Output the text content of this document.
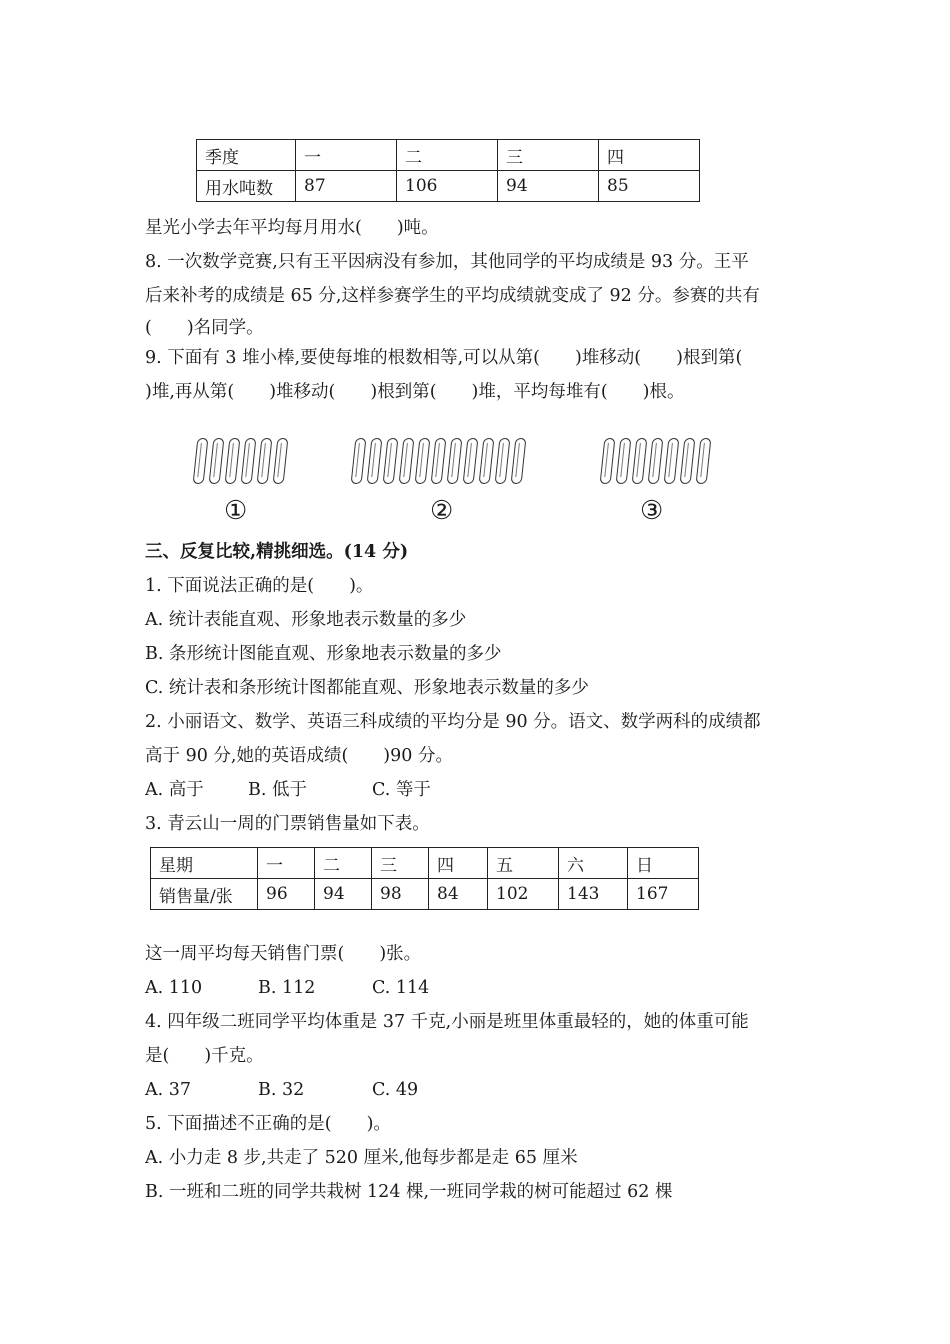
季度	一	二	三	四
用水吨数	87	106	94	85
星光小学去年平均每月用水(　　)吨。
8. 一次数学竞赛,只有王平因病没有参加，其他同学的平均成绩是 93 分。王平
后来补考的成绩是 65 分,这样参赛学生的平均成绩就变成了 92 分。参赛的共有
(　　)名同学。
9. 下面有 3 堆小棒,要使每堆的根数相等,可以从第(　　)堆移动(　　)根到第(
)堆,再从第(　　)堆移动(　　)根到第(　　)堆，平均每堆有(　　)根。
①	②	③
三、反复比较,精挑细选。(14 分)
1. 下面说法正确的是(　　)。
A. 统计表能直观、形象地表示数量的多少
B. 条形统计图能直观、形象地表示数量的多少
C. 统计表和条形统计图都能直观、形象地表示数量的多少
2. 小丽语文、数学、英语三科成绩的平均分是 90 分。语文、数学两科的成绩都
高于 90 分,她的英语成绩(　　)90 分。
A. 高于	B. 低于	C. 等于
3. 青云山一周的门票销售量如下表。
星期	一	二	三	四	五	六	日
销售量/张	96	94	98	84	102	143	167
这一周平均每天销售门票(　　)张。
A. 110	B. 112	C. 114
4. 四年级二班同学平均体重是 37 千克,小丽是班里体重最轻的，她的体重可能
是(　　)千克。
A. 37	B. 32	C. 49
5. 下面描述不正确的是(　　)。
A. 小力走 8 步,共走了 520 厘米,他每步都是走 65 厘米
B. 一班和二班的同学共栽树 124 棵,一班同学栽的树可能超过 62 棵
